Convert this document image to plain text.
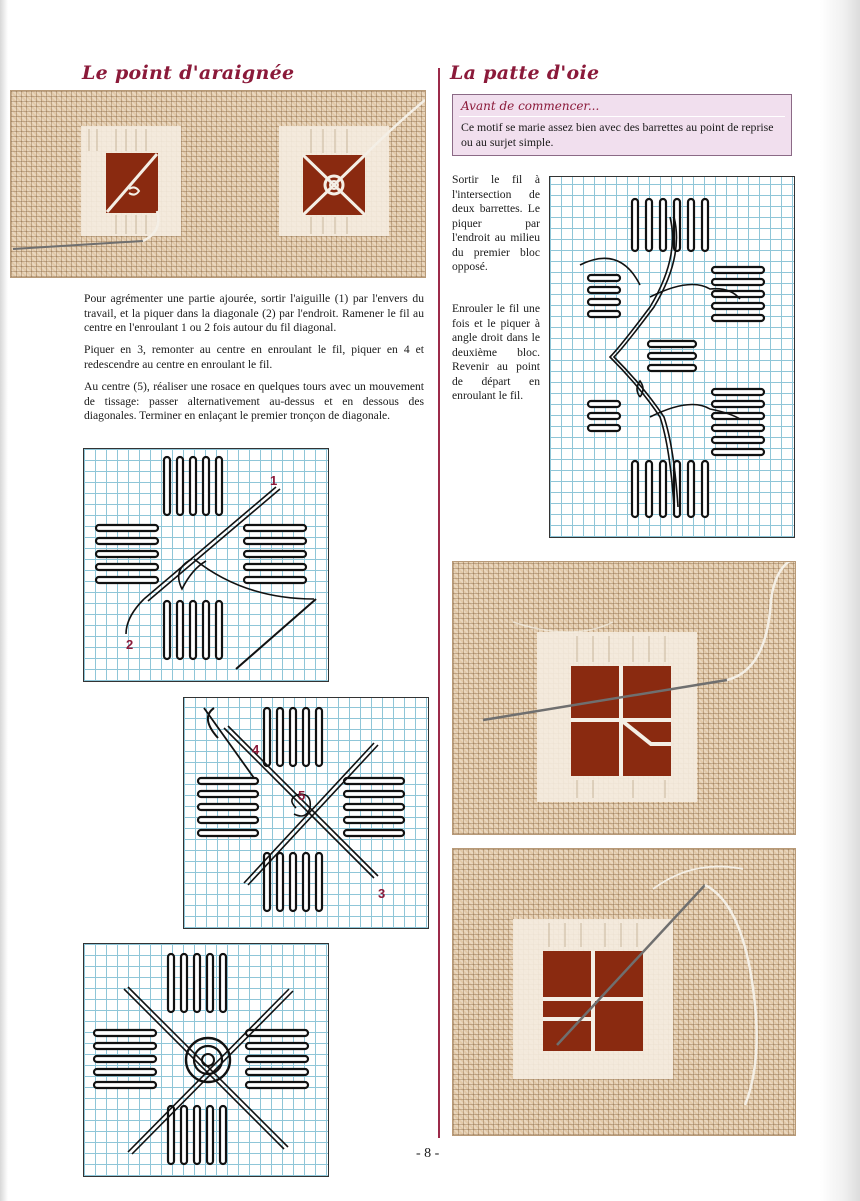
Le point d'araignée

Pour agrémenter une partie ajourée, sortir l'aiguille (1) par l'envers du travail, et la piquer dans la diagonale (2) par l'endroit. Ramener le fil au centre en l'enroulant 1 ou 2 fois autour du fil diagonal.

Piquer en 3, remonter au centre en enroulant le fil, piquer en 4 et redescendre au centre en enroulant le fil.

Au centre (5), réaliser une rosace en quelques tours avec un mouvement de tissage: passer alternativement au-dessus et en dessous des diagonales. Terminer en enlaçant le premier tronçon de diagonale.

1
2
4
5
3
La patte d'oie
Avant de commencer...

Ce motif se marie assez bien avec des barrettes au point de reprise ou au surjet simple.

Sortir le fil à l'intersection de deux barrettes. Le piquer par l'endroit au milieu du premier bloc opposé.

Enrouler le fil une fois et le piquer à angle droit dans le deuxième bloc. Revenir au point de départ en enroulant le fil.

- 8 -
